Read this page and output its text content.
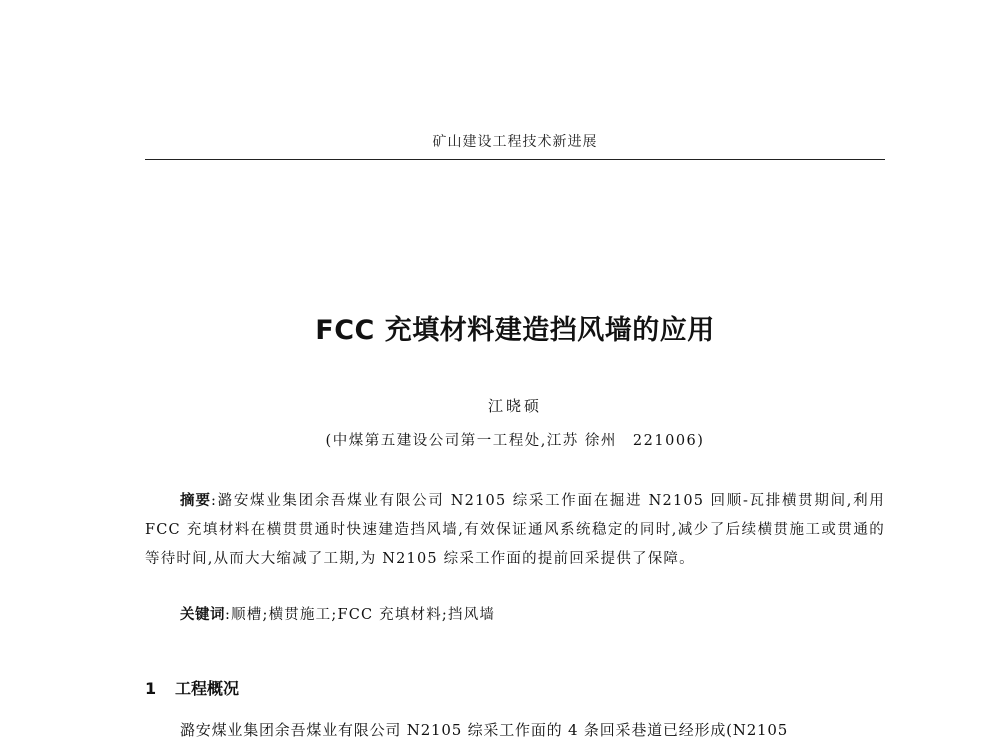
矿山建设工程技术新进展
FCC 充填材料建造挡风墙的应用
江晓硕
(中煤第五建设公司第一工程处,江苏 徐州　221006)

摘要:潞安煤业集团余吾煤业有限公司 N2105 综采工作面在掘进 N2105 回顺-瓦排横贯期间,利用 FCC 充填材料在横贯贯通时快速建造挡风墙,有效保证通风系统稳定的同时,减少了后续横贯施工或贯通的等待时间,从而大大缩减了工期,为 N2105 综采工作面的提前回采提供了保障。

关键词:顺槽;横贯施工;FCC 充填材料;挡风墙
1 工程概况
潞安煤业集团余吾煤业有限公司 N2105 综采工作面的 4 条回采巷道已经形成(N2105
